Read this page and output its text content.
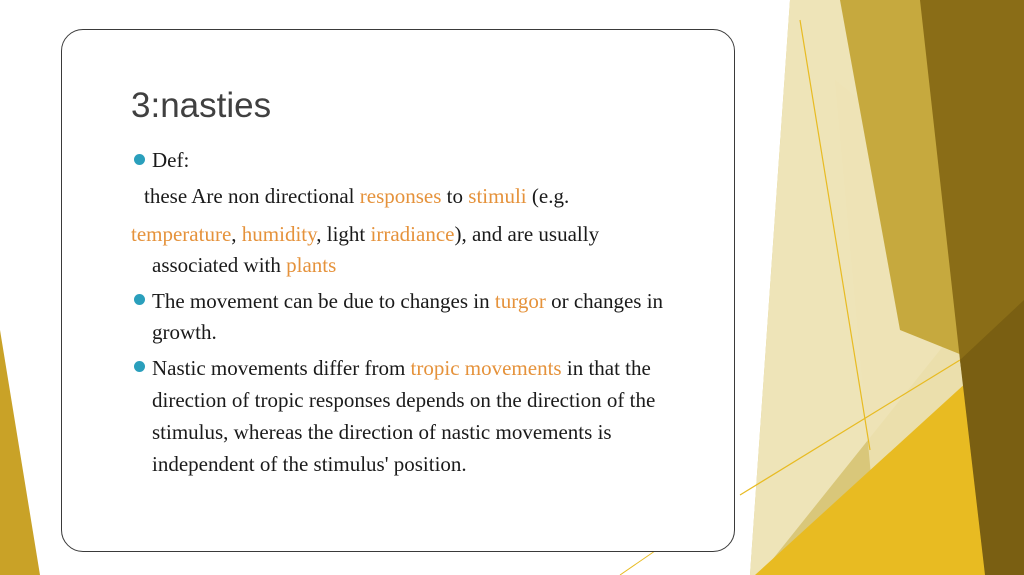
3:nasties
Def:
these Are non directional responses to stimuli (e.g.
temperature, humidity, light irradiance), and are usually
associated with plants
The movement can be due to changes in turgor or changes in
growth.
Nastic movements differ from tropic movements in that the
direction of tropic responses depends on the direction of the
stimulus, whereas the direction of nastic movements is
independent of the stimulus' position.
